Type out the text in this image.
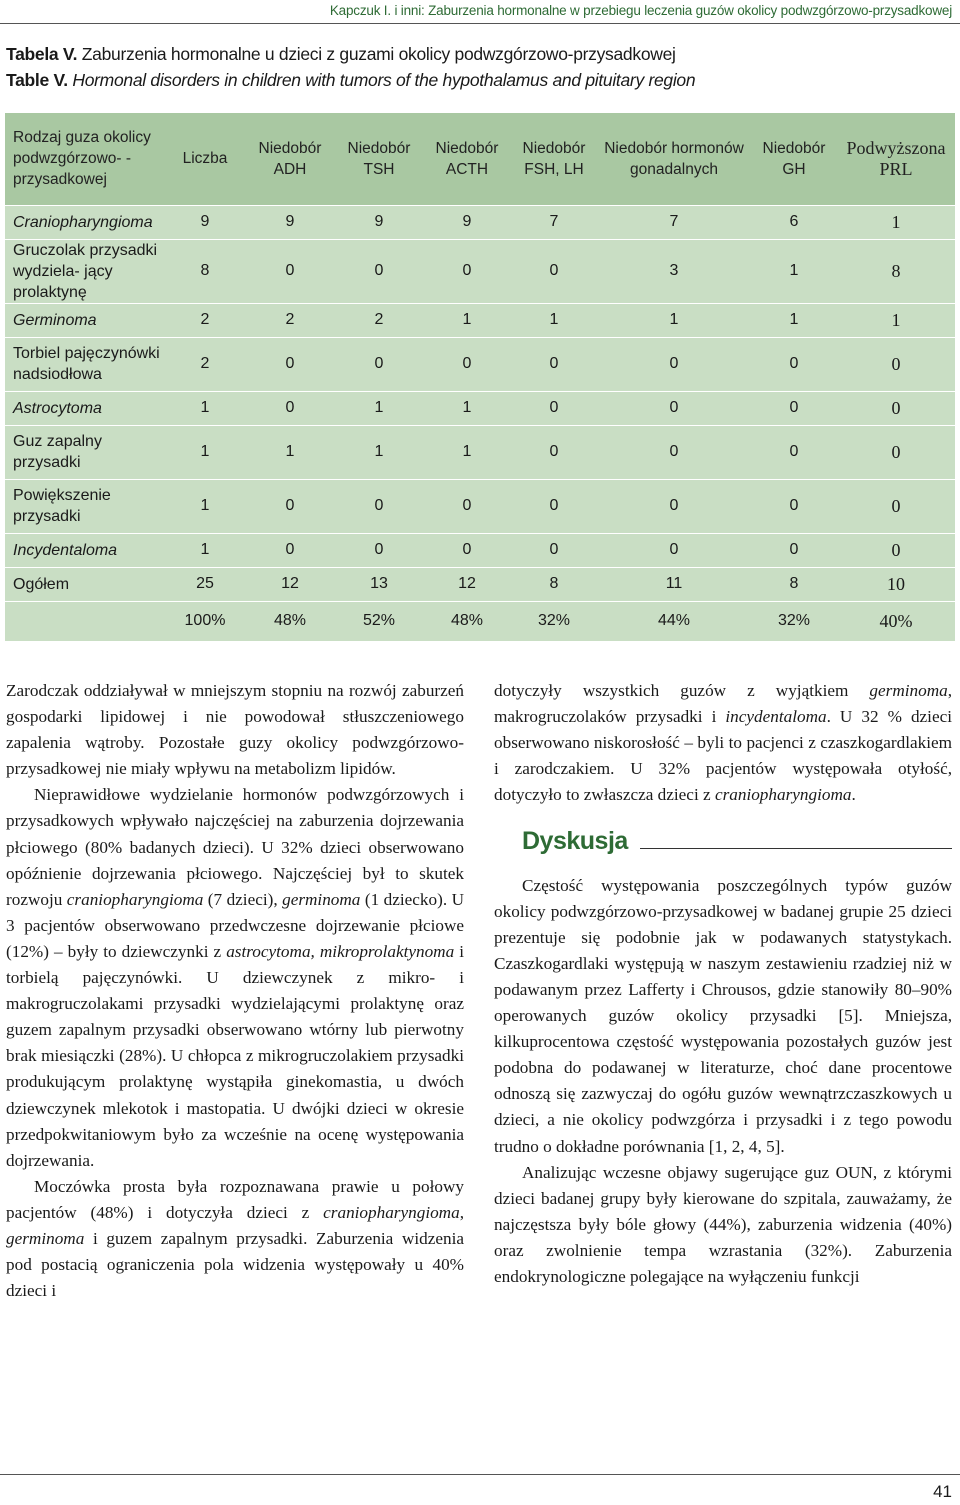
Kapczuk I. i inni: Zaburzenia hormonalne w przebiegu leczenia guzów okolicy podwzgórzowo-przysadkowej
Tabela V. Zaburzenia hormonalne u dzieci z guzami okolicy podwzgórzowo-przysadkowej
Table V. Hormonal disorders in children with tumors of the hypothalamus and pituitary region
Rodzaj guza okolicy podwzgórzowo- -przysadkowej	Liczba	Niedobór ADH	Niedobór TSH	Niedobór ACTH	Niedobór FSH, LH	Niedobór hormonów gonadalnych	Niedobór GH	Podwyższona PRL
Craniopharyngioma	9	9	9	9	7	7	6	1
Gruczolak przysadki wydziela- jący prolaktynę	8	0	0	0	0	3	1	8
Germinoma	2	2	2	1	1	1	1	1
Torbiel pajęczynówki nadsiodłowa	2	0	0	0	0	0	0	0
Astrocytoma	1	0	1	1	0	0	0	0
Guz zapalny przysadki	1	1	1	1	0	0	0	0
Powiększenie przysadki	1	0	0	0	0	0	0	0
Incydentaloma	1	0	0	0	0	0	0	0
Ogółem	25	12	13	12	8	11	8	10
	100%	48%	52%	48%	32%	44%	32%	40%

Zarodczak oddziaływał w mniejszym stopniu na rozwój zaburzeń gospodarki lipidowej i nie powodował stłuszczeniowego zapalenia wątroby. Pozostałe guzy okolicy podwzgórzowo-przysadkowej nie miały wpływu na metabolizm lipidów.

Nieprawidłowe wydzielanie hormonów podwzgórzowych i przysadkowych wpływało najczęściej na zaburzenia dojrzewania płciowego (80% badanych dzieci). U 32% dzieci obserwowano opóźnienie dojrzewania płciowego. Najczęściej był to skutek rozwoju craniopharyngioma (7 dzieci), germinoma (1 dziecko). U 3 pacjentów obserwowano przedwczesne dojrzewanie płciowe (12%) – były to dziewczynki z astrocytoma, mikroprolaktynoma i torbielą pajęczynówki. U dziewczynek z mikro- i makrogruczolakami przysadki wydzielającymi prolaktynę oraz guzem zapalnym przysadki obserwowano wtórny lub pierwotny brak miesiączki (28%). U chłopca z mikrogruczolakiem przysadki produkującym prolaktynę wystąpiła ginekomastia, u dwóch dziewczynek mlekotok i mastopatia. U dwójki dzieci w okresie przedpokwitaniowym było za wcześnie na ocenę występowania dojrzewania.

Moczówka prosta była rozpoznawana prawie u połowy pacjentów (48%) i dotyczyła dzieci z craniopharyngioma, germinoma i guzem zapalnym przysadki. Zaburzenia widzenia pod postacią ograniczenia pola widzenia występowały u 40% dzieci i

dotyczyły wszystkich guzów z wyjątkiem germinoma, makrogruczolaków przysadki i incydentaloma. U 32 % dzieci obserwowano niskorosłość – byli to pacjenci z czaszkogardlakiem i zarodczakiem. U 32% pacjentów występowała otyłość, dotyczyło to zwłaszcza dzieci z craniopharyngioma.

Dyskusja

Częstość występowania poszczególnych typów guzów okolicy podwzgórzowo-przysadkowej w badanej grupie 25 dzieci prezentuje się podobnie jak w podawanych statystykach. Czaszkogardlaki występują w naszym zestawieniu rzadziej niż w podawanym przez Lafferty i Chrousos, gdzie stanowiły 80–90% operowanych guzów okolicy przysadki [5]. Mniejsza, kilkuprocentowa częstość występowania pozostałych guzów jest podobna do podawanej w literaturze, choć dane procentowe odnoszą się zazwyczaj do ogółu guzów wewnątrzczaszkowych u dzieci, a nie okolicy podwzgórza i przysadki i z tego powodu trudno o dokładne porównania [1, 2, 4, 5].

Analizując wczesne objawy sugerujące guz OUN, z którymi dzieci badanej grupy były kierowane do szpitala, zauważamy, że najczęstsza były bóle głowy (44%), zaburzenia widzenia (40%) oraz zwolnienie tempa wzrastania (32%). Zaburzenia endokrynologiczne polegające na wyłączeniu funkcji

41
